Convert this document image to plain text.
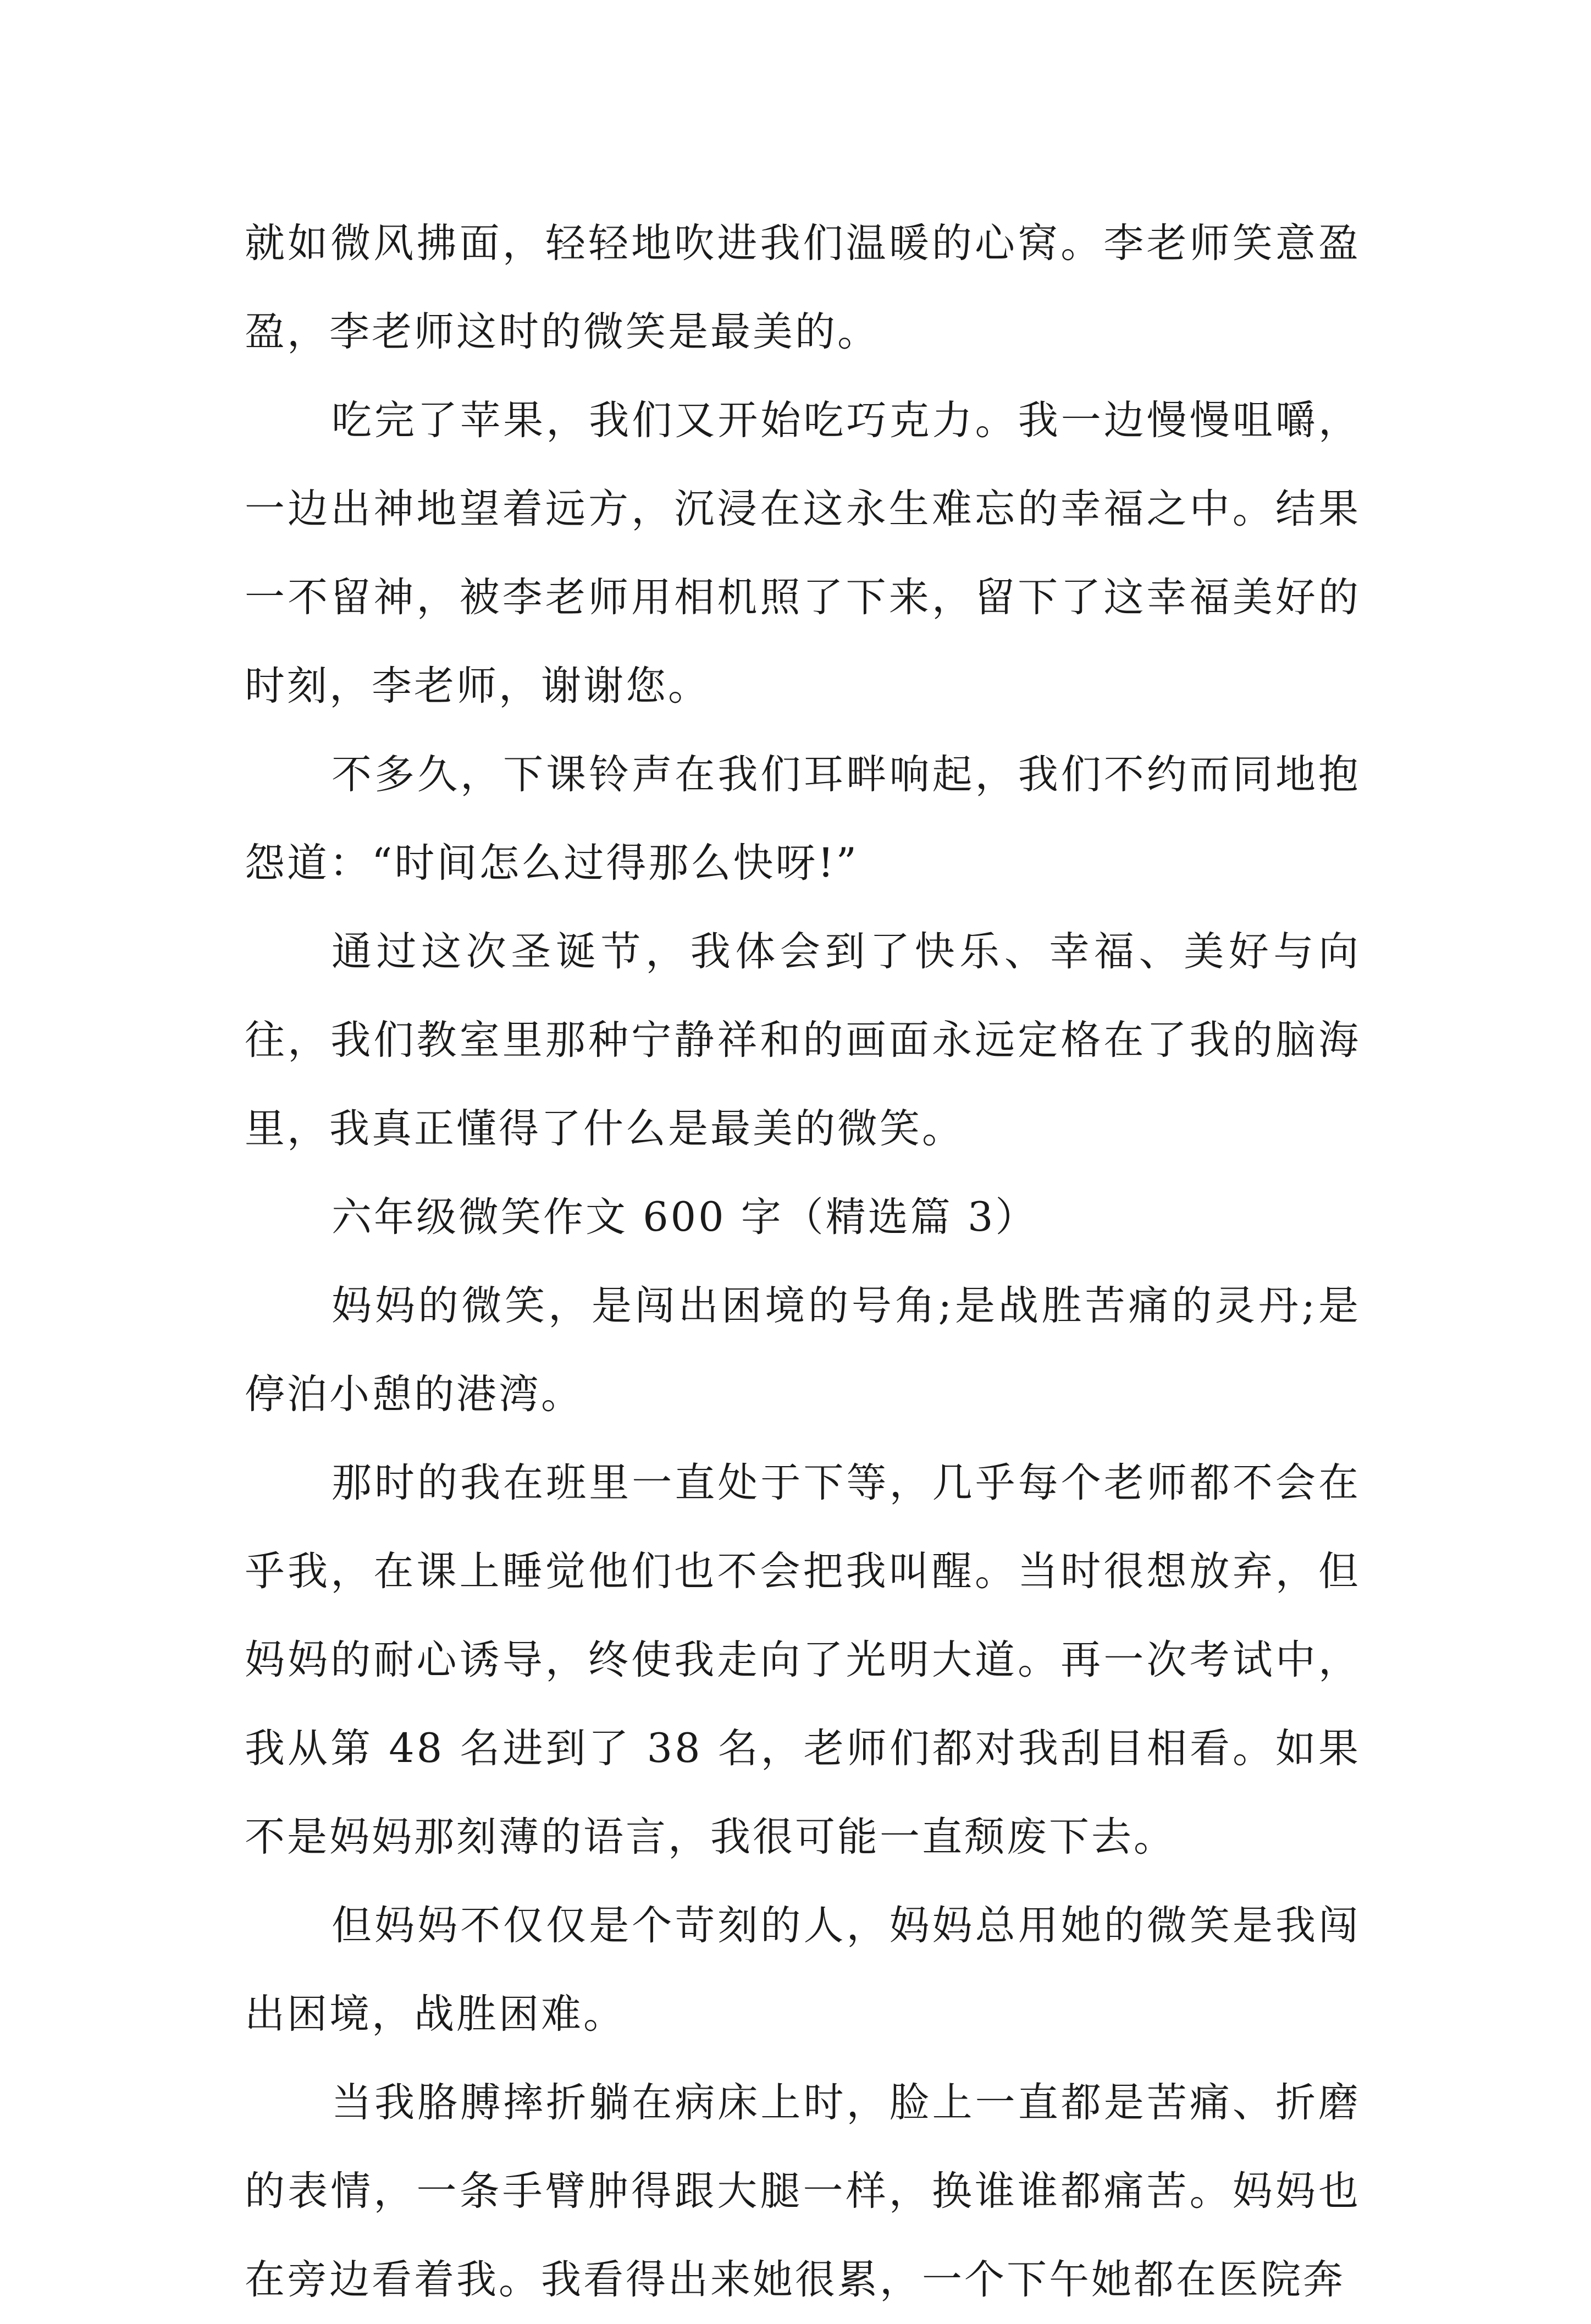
就如微风拂面，轻轻地吹进我们温暖的心窝。李老师笑意盈盈，李老师这时的微笑是最美的。

吃完了苹果，我们又开始吃巧克力。我一边慢慢咀嚼，一边出神地望着远方，沉浸在这永生难忘的幸福之中。结果一不留神，被李老师用相机照了下来，留下了这幸福美好的时刻，李老师，谢谢您。

不多久，下课铃声在我们耳畔响起，我们不约而同地抱怨道：“时间怎么过得那么快呀!”

通过这次圣诞节，我体会到了快乐、幸福、美好与向往，我们教室里那种宁静祥和的画面永远定格在了我的脑海里，我真正懂得了什么是最美的微笑。

六年级微笑作文 600 字（精选篇 3）

妈妈的微笑，是闯出困境的号角;是战胜苦痛的灵丹;是停泊小憩的港湾。

那时的我在班里一直处于下等，几乎每个老师都不会在乎我，在课上睡觉他们也不会把我叫醒。当时很想放弃，但妈妈的耐心诱导，终使我走向了光明大道。再一次考试中，我从第 48 名进到了 38 名，老师们都对我刮目相看。如果不是妈妈那刻薄的语言，我很可能一直颓废下去。

但妈妈不仅仅是个苛刻的人，妈妈总用她的微笑是我闯出困境，战胜困难。

当我胳膊摔折躺在病床上时，脸上一直都是苦痛、折磨的表情，一条手臂肿得跟大腿一样，换谁谁都痛苦。妈妈也在旁边看着我。我看得出来她很累，一个下午她都在医院奔
